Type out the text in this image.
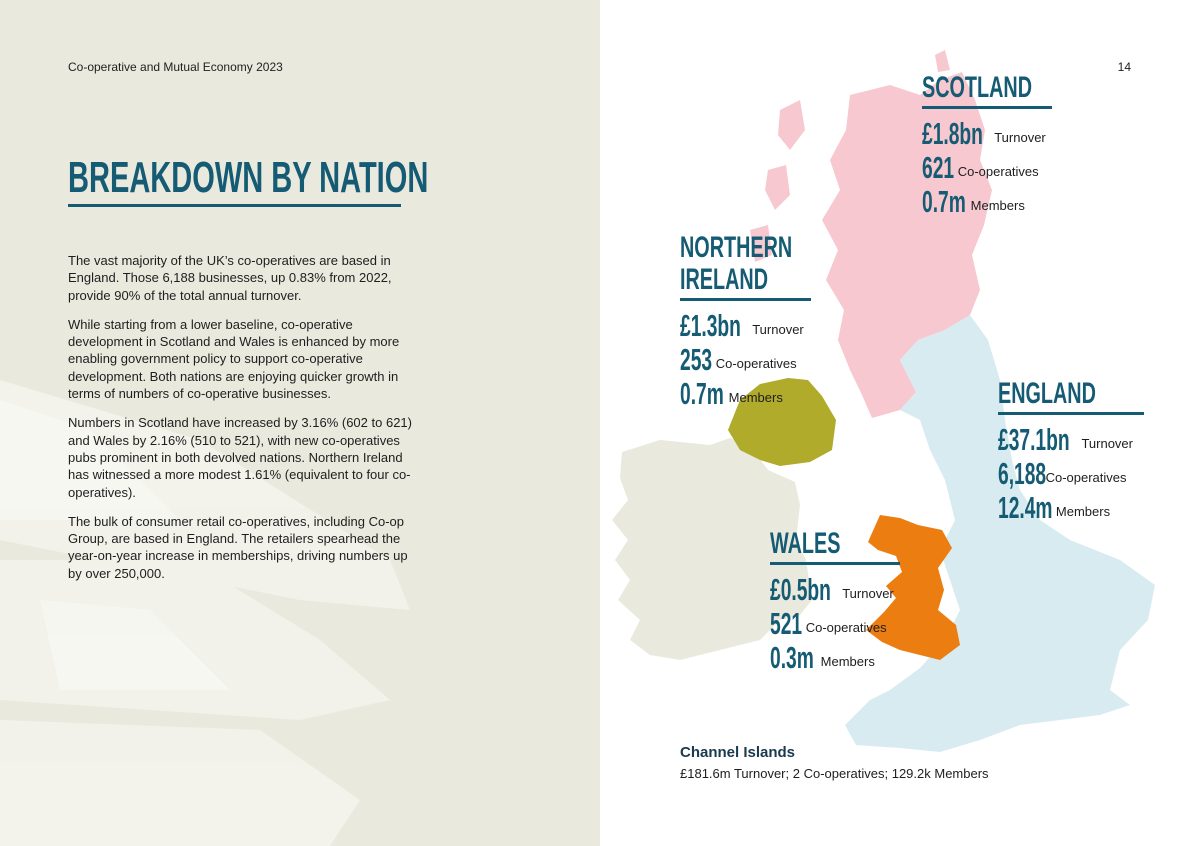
Co-operative and Mutual Economy 2023
BREAKDOWN BY NATION

The vast majority of the UK’s co-operatives are based in England. Those 6,188 businesses, up 0.83% from 2022, provide 90% of the total annual turnover.

While starting from a lower baseline, co-operative development in Scotland and Wales is enhanced by more enabling government policy to support co-operative development. Both nations are enjoying quicker growth in terms of numbers of co-operative businesses.

Numbers in Scotland have increased by 3.16% (602 to 621) and Wales by 2.16% (510 to 521), with new co-operatives pubs prominent in both devolved nations. Northern Ireland has witnessed a more modest 1.61% (equivalent to four co-operatives).

The bulk of consumer retail co-operatives, including Co-op Group, are based in England. The retailers spearhead the year-on-year increase in memberships, driving numbers up by over 250,000.

14
SCOTLAND
£1.8bn Turnover
621 Co-operatives
0.7m Members
NORTHERN
IRELAND
£1.3bn Turnover
253 Co-operatives
0.7m Members	ENGLAND
£37.1bn Turnover
6,188Co-operatives
12.4m Members
WALES
£0.5bn Turnover
521 Co-operatives
0.3m Members
Channel Islands
£181.6m Turnover; 2 Co-operatives; 129.2k Members
